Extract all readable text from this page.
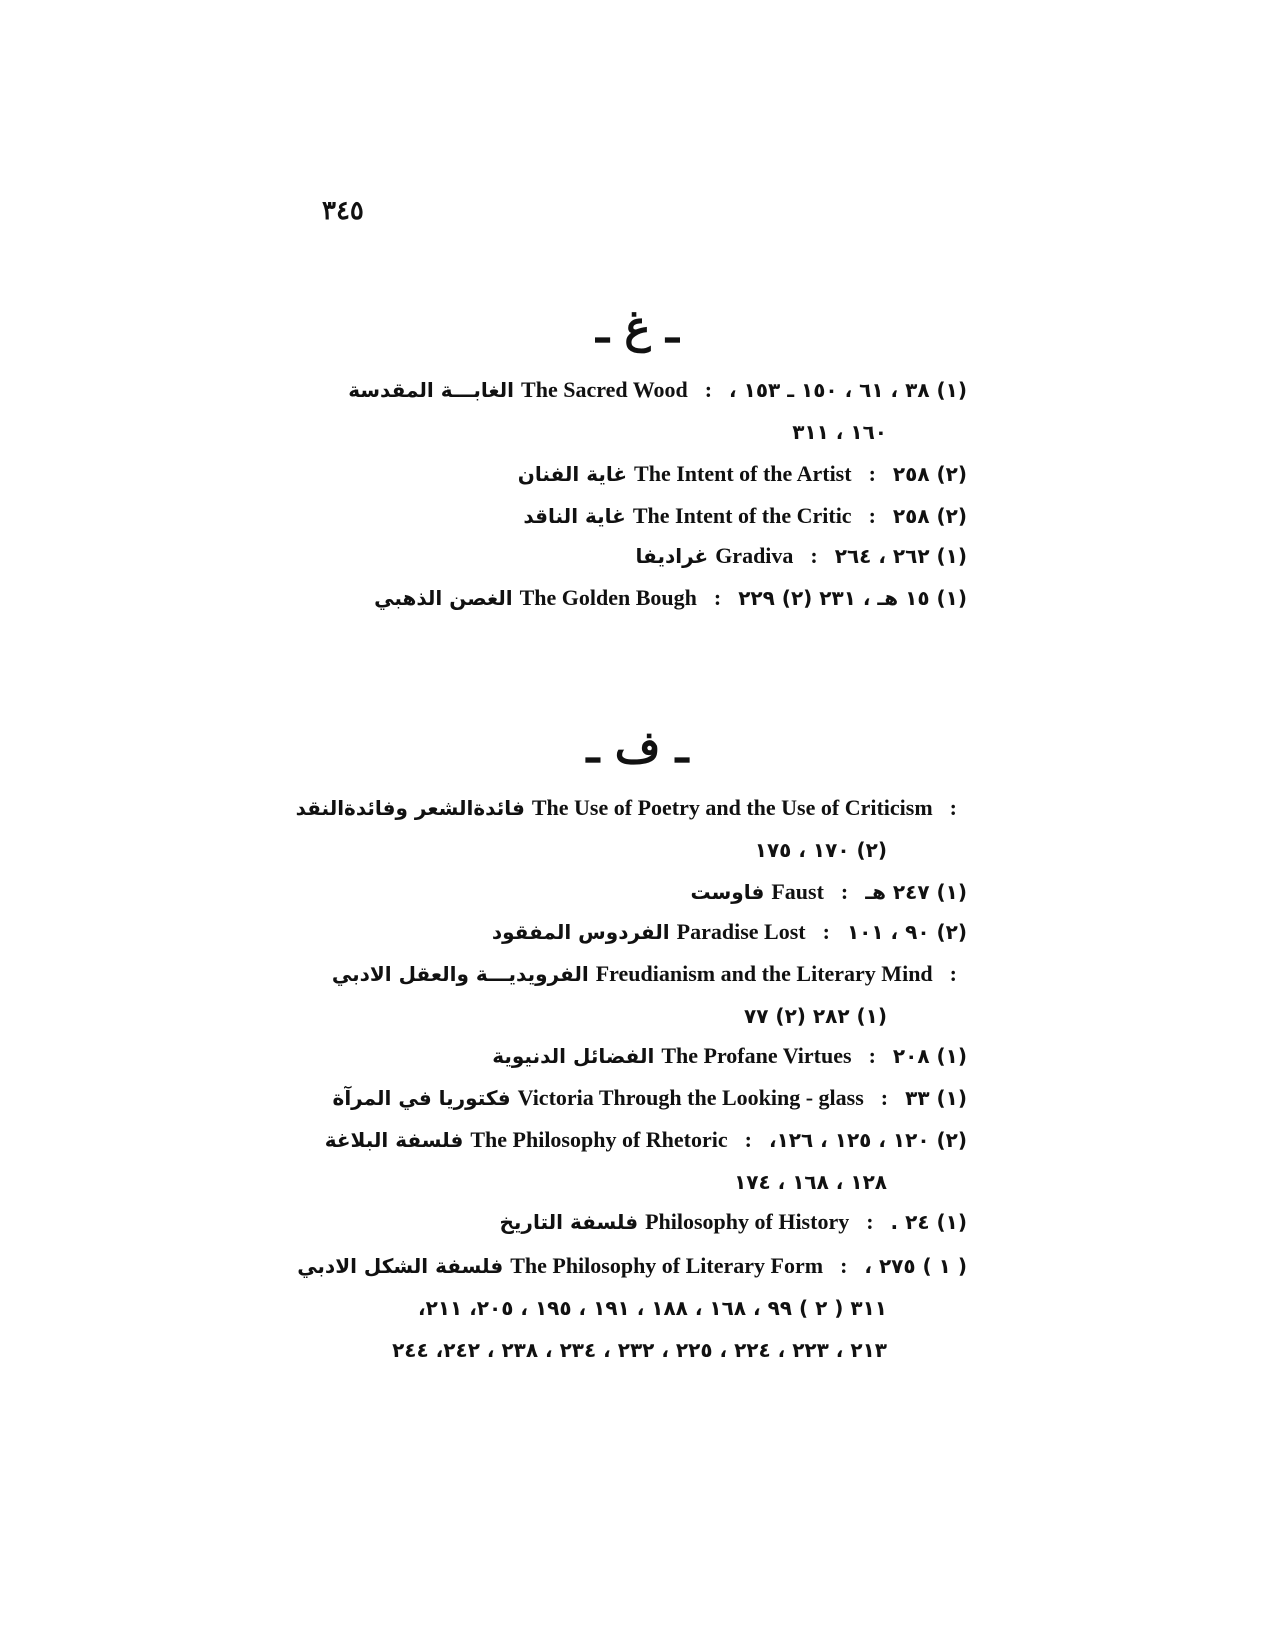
٣٤٥
ـ غ ـ
الغابـــة المقدسة The Sacred Wood : (١) ٣٨ ، ٦١ ، ١٥٠ ـ ١٥٣ ،
١٦٠ ، ٣١١
غاية الفنان The Intent of the Artist : (٢) ٢٥٨
غاية الناقد The Intent of the Critic : (٢) ٢٥٨
غراديفا Gradiva : (١) ٢٦٢ ، ٢٦٤
الغصن الذهبي The Golden Bough : (١) ١٥ هـ ، ٢٣١ (٢) ٢٢٩
ـ ف ـ
فائدةالشعر وفائدةالنقد The Use of Poetry and the Use of Criticism :
(٢) ١٧٠ ، ١٧٥
فاوست Faust : (١) ٢٤٧ هـ
الفردوس المفقود Paradise Lost : (٢) ٩٠ ، ١٠١
الفرويديـــة والعقل الادبي Freudianism and the Literary Mind :
(١) ٢٨٢ (٢) ٧٧
الفضائل الدنيوية The Profane Virtues : (١) ٢٠٨
فكتوريا في المرآة Victoria Through the Looking - glass : (١) ٣٣
فلسفة البلاغة The Philosophy of Rhetoric : (٢) ١٢٠ ، ١٢٥ ، ١٢٦،
١٢٨ ، ١٦٨ ، ١٧٤
فلسفة التاريخ Philosophy of History : (١) ٢٤ .
فلسفة الشكل الادبي The Philosophy of Literary Form : ( ١ ) ٢٧٥ ،
٣١١ ( ٢ ) ٩٩ ، ١٦٨ ، ١٨٨ ، ١٩١ ، ١٩٥ ، ٢٠٥، ٢١١،
٢١٣ ، ٢٢٣ ، ٢٢٤ ، ٢٢٥ ، ٢٣٢ ، ٢٣٤ ، ٢٣٨ ، ٢٤٢، ٢٤٤
